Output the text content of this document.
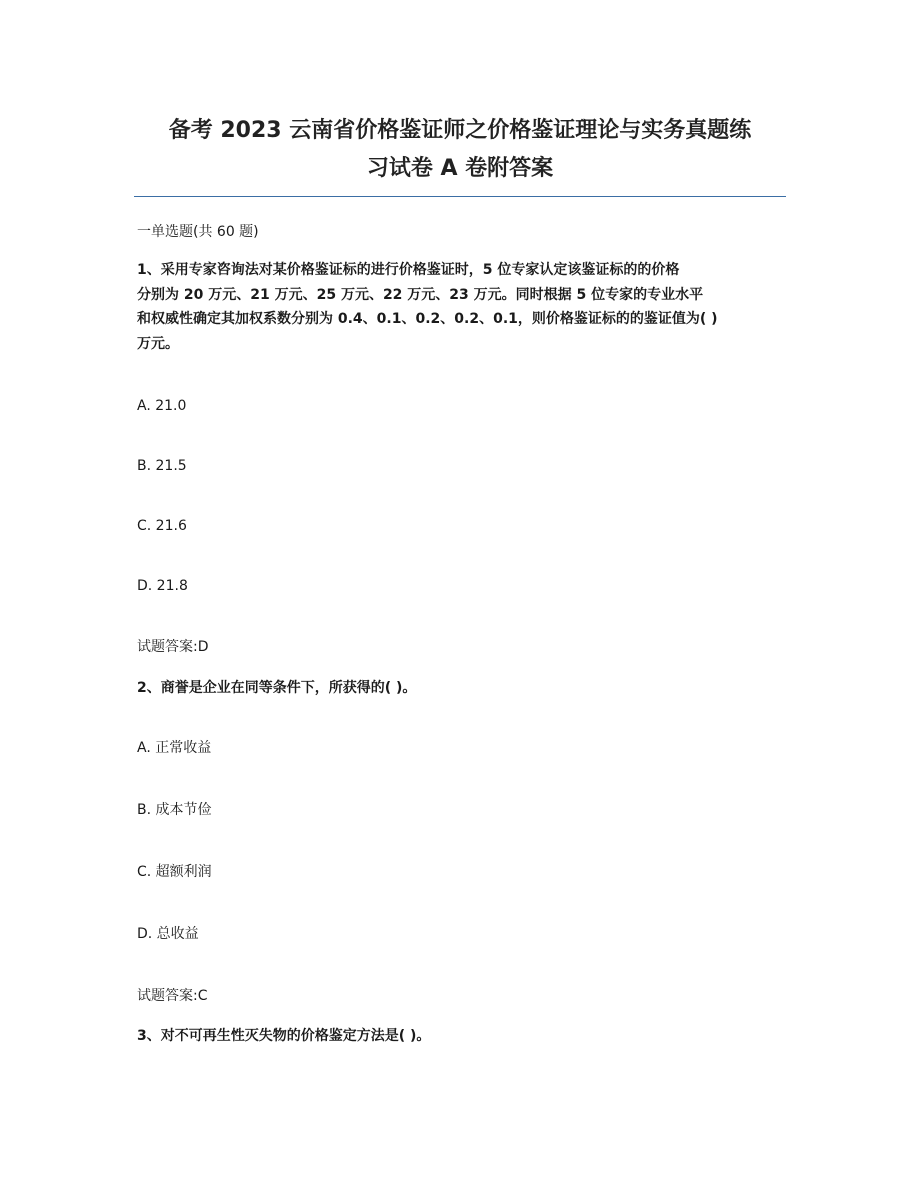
备考 2023 云南省价格鉴证师之价格鉴证理论与实务真题练
习试卷 A 卷附答案

一单选题(共 60 题)

1、采用专家咨询法对某价格鉴证标的进行价格鉴证时，5 位专家认定该鉴证标的的价格
分别为 20 万元、21 万元、25 万元、22 万元、23 万元。同时根据 5 位专家的专业水平
和权威性确定其加权系数分别为 0.4、0.1、0.2、0.2、0.1，则价格鉴证标的的鉴证值为( )
万元。

A. 21.0

B. 21.5

C. 21.6

D. 21.8

试题答案:D

2、商誉是企业在同等条件下，所获得的( )。

A. 正常收益

B. 成本节俭

C. 超额利润

D. 总收益

试题答案:C

3、对不可再生性灭失物的价格鉴定方法是( )。
